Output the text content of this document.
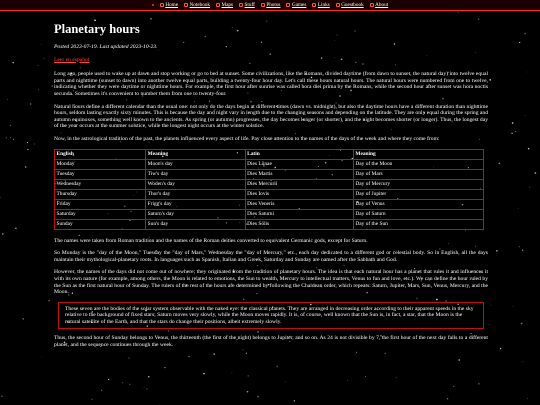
Home Notebook Maps Stuff Photos Games Links Guestbook About
Planetary hours
Posted 2023-07-19. Last updated 2023-10-23.
Leer en español

Long ago, people used to wake up at dawn and stop working or go to bed at sunset. Some civilizations, like the Romans, divided daytime (from dawn to sunset, the natural day) into twelve equal parts and nighttime (sunset to dawn) into another twelve equal parts, building a twenty-four hour day. Let's call these hours natural hours. The natural hours were numbered from one to twelve, indicating whether they were daytime or nighttime hours. For example, the first hour after sunrise was called hora diei prima by the Romans, while the second hour after sunset was hora noctis secunda. Sometimes it's convenient to number them from one to twenty-four.

Natural hours define a different calendar than the usual one: not only do the days begin at different times (dawn vs. midnight), but also the daytime hours have a different duration than nighttime hours, seldom lasting exactly sixty minutes. This is because the day and night vary in length due to the changing seasons and depending on the latitude. They are only equal during the spring and autumn equinoxes, something well known to the ancients. As spring (or autumn) progresses, the day becomes longer (or shorter), and the night becomes shorter (or longer). Thus, the longest day of the year occurs at the summer solstice, while the longest night occurs at the winter solstice.

Now, in the astrological tradition of the past, the planets influenced every aspect of life. Pay close attention to the names of the days of the week and where they come from:

English	Meaning	Latin	Meaning
Monday	Moon's day	Dies Lūnae	Day of the Moon
Tuesday	Tiw's day	Dies Martis	Day of Mars
Wednesday	Woden's day	Dies Mercurii	Day of Mercury
Thursday	Thor's day	Dies Iovis	Day of Jupiter
Friday	Frigg's day	Dies Veneris	Day of Venus
Saturday	Saturn's day	Dies Saturni	Day of Saturn
Sunday	Sun's day	Dies Sōlis	Day of the Sun

The names were taken from Roman tradition and the names of the Roman deities converted to equivalent Germanic gods, except for Saturn.

So Monday is the "day of the Moon," Tuesday the "day of Mars," Wednesday the "day of Mercury," etc., each day dedicated to a different god or celestial body. So in English, all the days maintain their mythological-planetary roots. In languages such as Spanish, Italian and Greek, Saturday and Sunday are named after the Sabbath and God.

However, the names of the days did not come out of nowhere; they originated from the tradition of planetary hours. The idea is that each natural hour has a planet that rules it and influences it with its own nature (for example, among others, the Moon is related to emotions, the Sun to wealth, Mercury to intellectual matters, Venus to fun and love, etc.). We can define the hour ruled by the Sun as the first natural hour of Sunday. The rulers of the rest of the hours are determined by following the Chaldean order, which repeats: Saturn, Jupiter, Mars, Sun, Venus, Mercury, and the Moon.

These seven are the bodies of the solar system observable with the naked eye: the classical planets. They are arranged in decreasing order according to their apparent speeds in the sky relative to the background of fixed stars; Saturn moves very slowly, while the Moon moves rapidly. It is, of course, well known that the Sun is, in fact, a star, that the Moon is the natural satellite of the Earth, and that the stars do change their positions, albeit extremely slowly.

Thus, the second hour of Sunday belongs to Venus, the thirteenth (the first of the night) belongs to Jupiter, and so on. As 24 is not divisible by 7, the first hour of the next day falls to a different planet, and the sequence continues through the week.
